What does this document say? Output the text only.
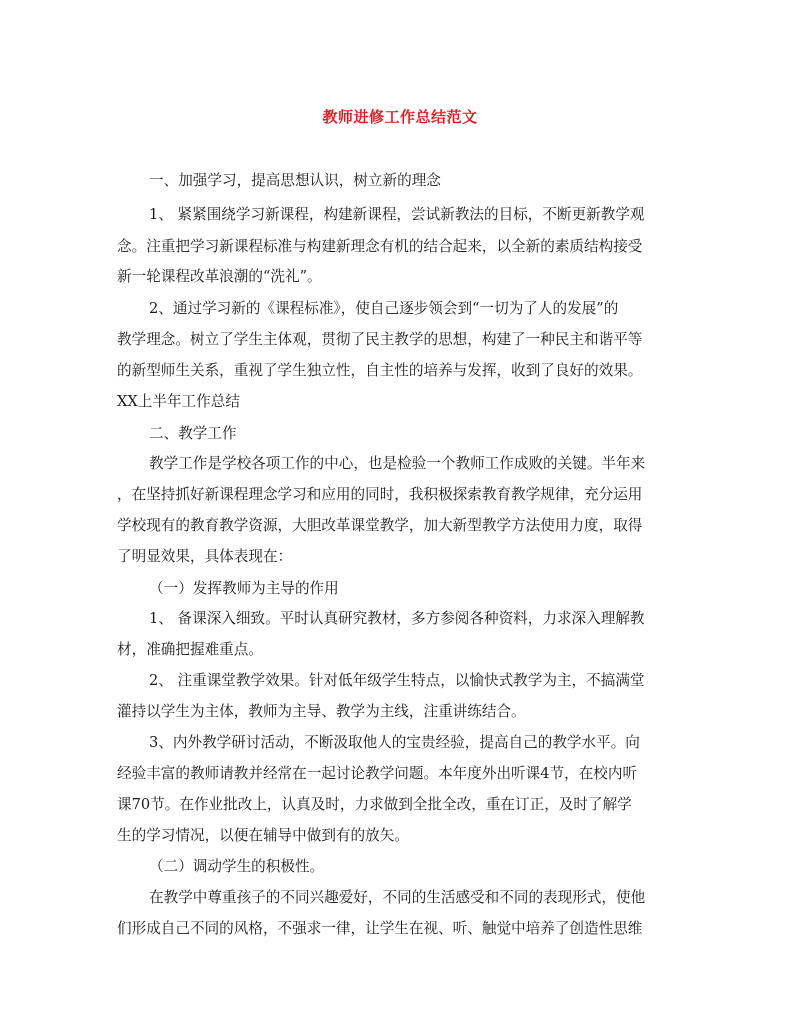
教师进修工作总结范文
一、加强学习，提高思想认识，树立新的理念
1、 紧紧围绕学习新课程，构建新课程，尝试新教法的目标，不断更新教学观
念。注重把学习新课程标准与构建新理念有机的结合起来，以全新的素质结构接受
新一轮课程改革浪潮的“洗礼”。
2、通过学习新的《课程标准》，使自己逐步领会到“一切为了人的发展”的
教学理念。树立了学生主体观，贯彻了民主教学的思想，构建了一种民主和谐平等
的新型师生关系，重视了学生独立性，自主性的培养与发挥，收到了良好的效果。
XX上半年工作总结
二、教学工作
教学工作是学校各项工作的中心，也是检验一个教师工作成败的关键。半年来
，在坚持抓好新课程理念学习和应用的同时，我积极探索教育教学规律，充分运用
学校现有的教育教学资源，大胆改革课堂教学，加大新型教学方法使用力度，取得
了明显效果，具体表现在：
（一）发挥教师为主导的作用
1、 备课深入细致。平时认真研究教材，多方参阅各种资料，力求深入理解教
材，准确把握难重点。
2、 注重课堂教学效果。针对低年级学生特点，以愉快式教学为主，不搞满堂
灌持以学生为主体，教师为主导、教学为主线，注重讲练结合。
3、内外教学研讨活动，不断汲取他人的宝贵经验，提高自己的教学水平。向
经验丰富的教师请教并经常在一起讨论教学问题。本年度外出听课4节，在校内听
课70节。在作业批改上，认真及时，力求做到全批全改，重在订正，及时了解学
生的学习情况，以便在辅导中做到有的放矢。
（二）调动学生的积极性。
在教学中尊重孩子的不同兴趣爱好，不同的生活感受和不同的表现形式，使他
们形成自己不同的风格，不强求一律，让学生在视、听、触觉中培养了创造性思维
